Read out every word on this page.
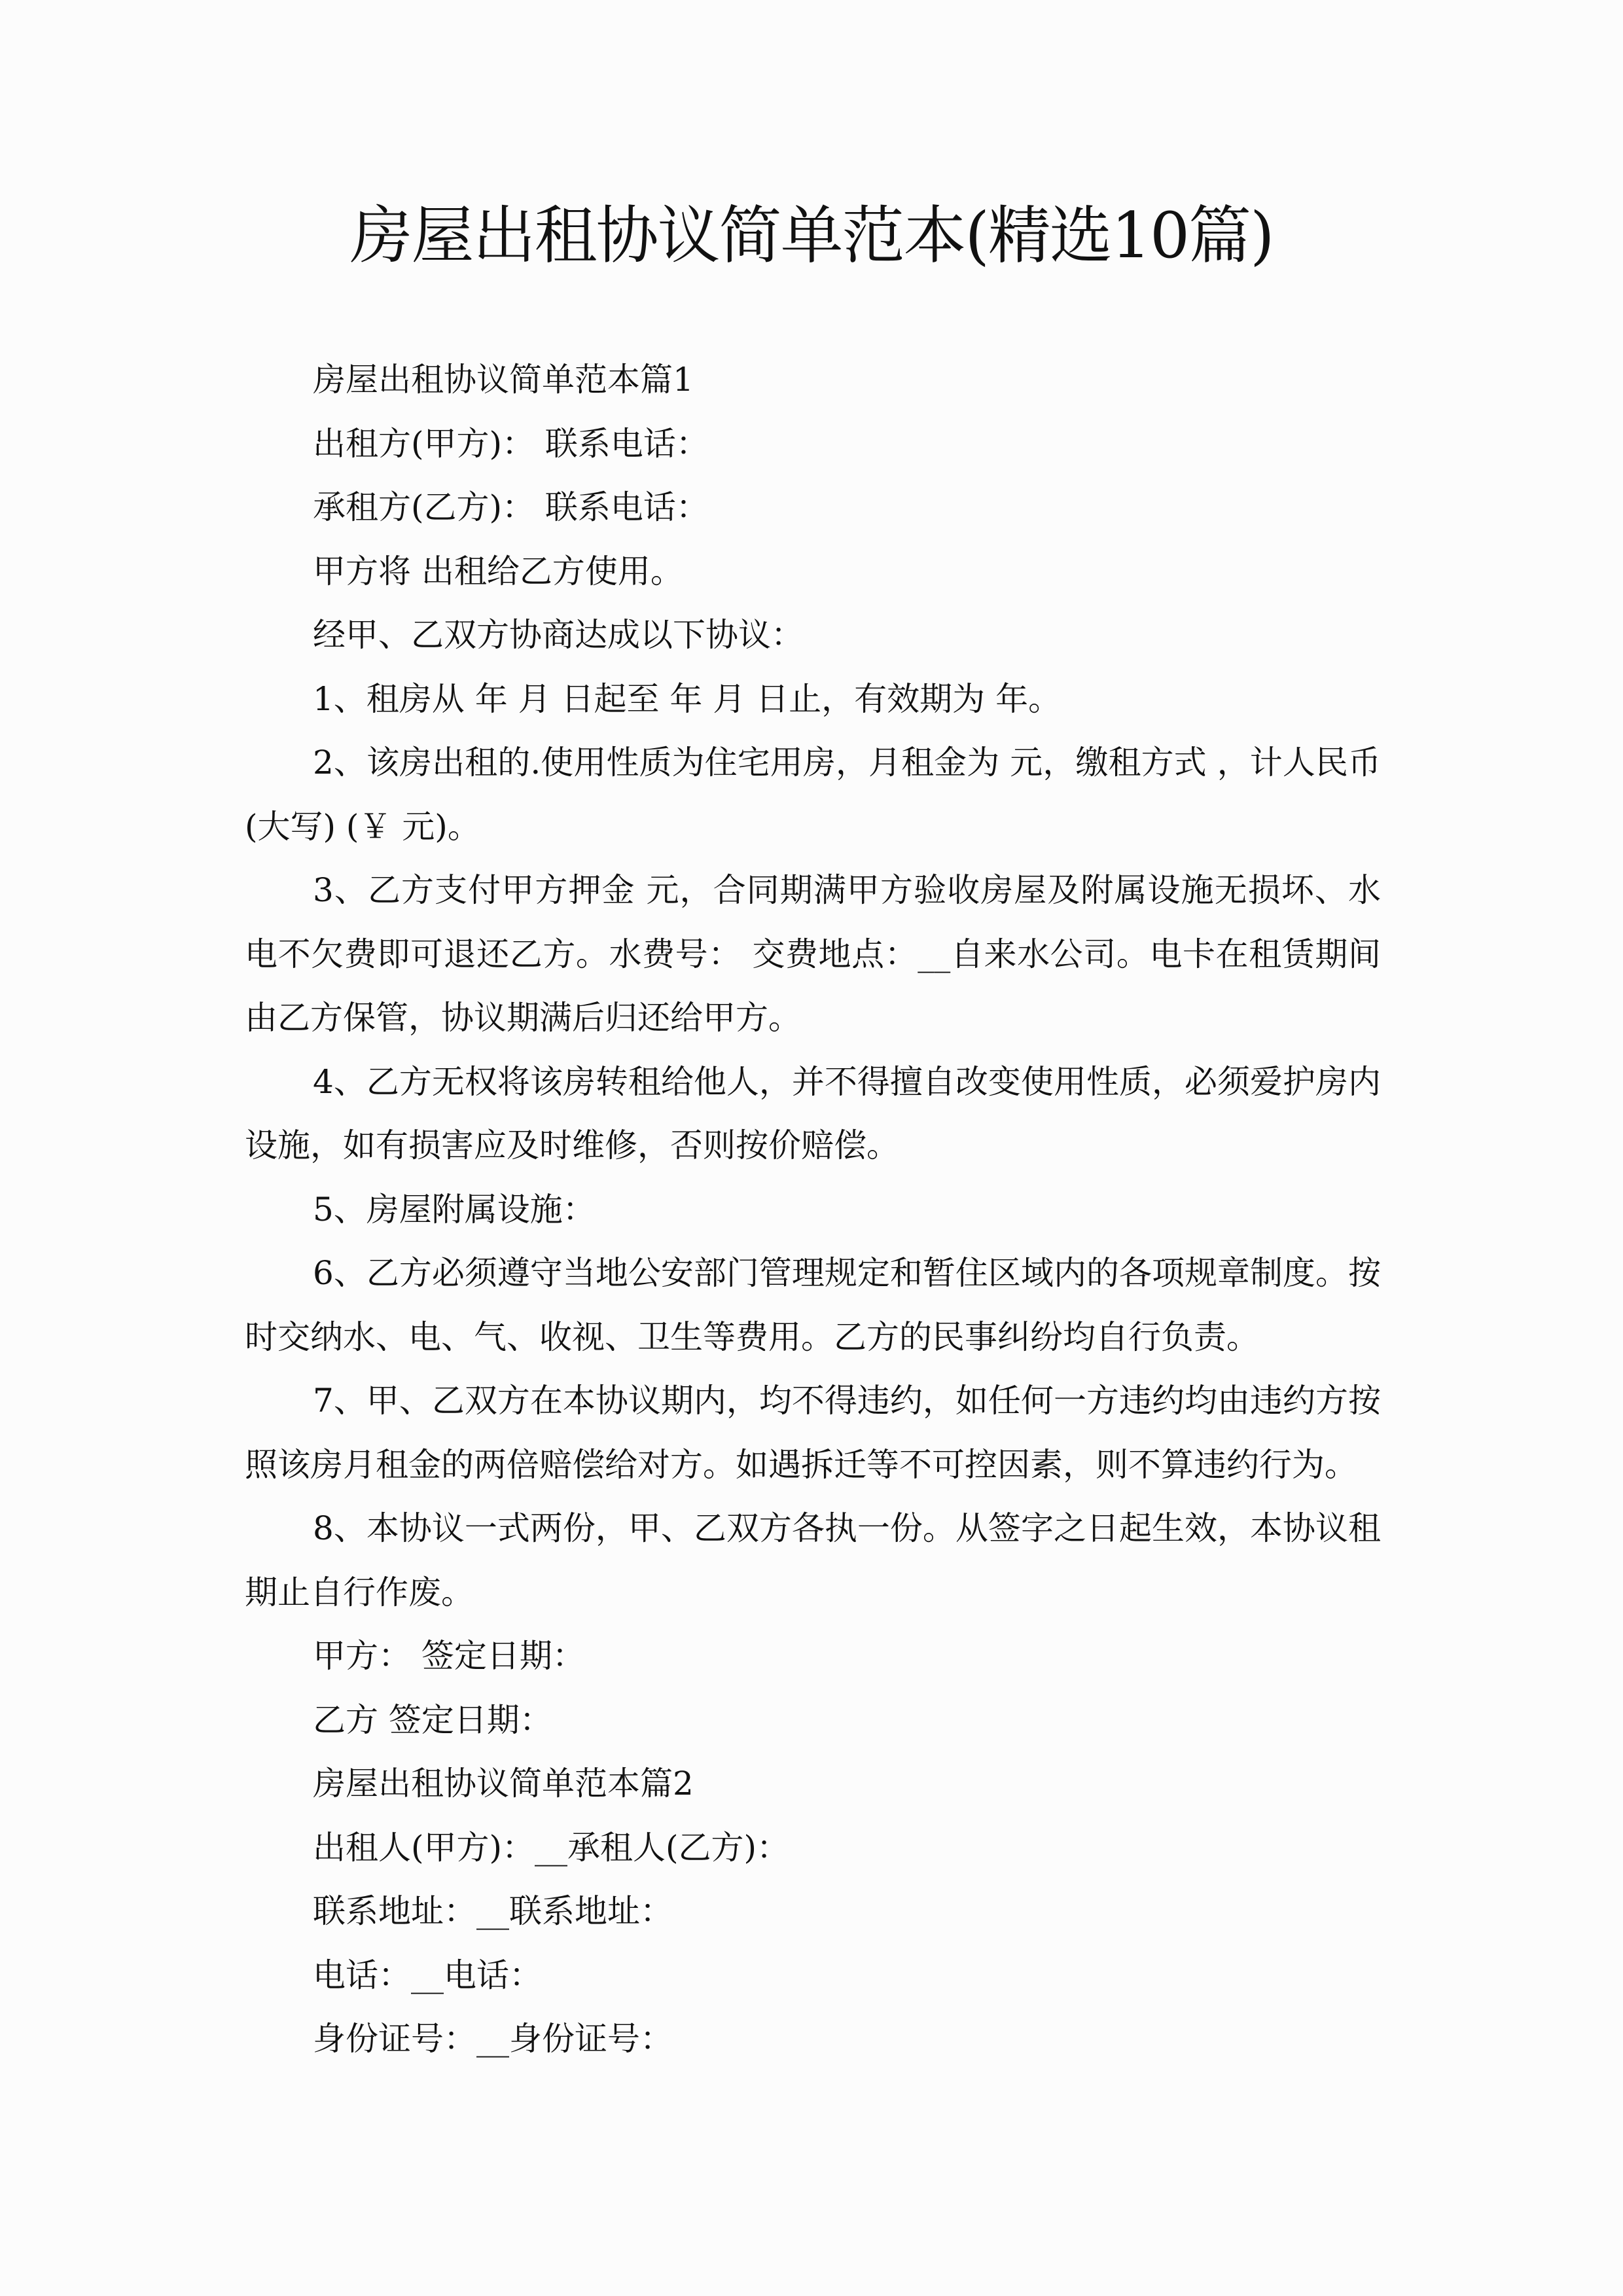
房屋出租协议简单范本(精选10篇)

房屋出租协议简单范本篇1

出租方(甲方)： 联系电话：

承租方(乙方)： 联系电话：

甲方将 出租给乙方使用。

经甲、乙双方协商达成以下协议：

1、租房从 年 月 日起至 年 月 日止，有效期为 年。

2、该房出租的.使用性质为住宅用房，月租金为 元，缴租方式 ，计人民币(大写) (￥ 元)。

3、乙方支付甲方押金 元，合同期满甲方验收房屋及附属设施无损坏、水电不欠费即可退还乙方。水费号： 交费地点：__自来水公司。电卡在租赁期间由乙方保管，协议期满后归还给甲方。

4、乙方无权将该房转租给他人，并不得擅自改变使用性质，必须爱护房内设施，如有损害应及时维修，否则按价赔偿。

5、房屋附属设施：

6、乙方必须遵守当地公安部门管理规定和暂住区域内的各项规章制度。按时交纳水、电、气、收视、卫生等费用。乙方的民事纠纷均自行负责。

7、甲、乙双方在本协议期内，均不得违约，如任何一方违约均由违约方按照该房月租金的两倍赔偿给对方。如遇拆迁等不可控因素，则不算违约行为。

8、本协议一式两份，甲、乙双方各执一份。从签字之日起生效，本协议租期止自行作废。

甲方： 签定日期：

乙方 签定日期：

房屋出租协议简单范本篇2

出租人(甲方)：__承租人(乙方)：

联系地址：__联系地址：

电话：__电话：

身份证号：__身份证号：
